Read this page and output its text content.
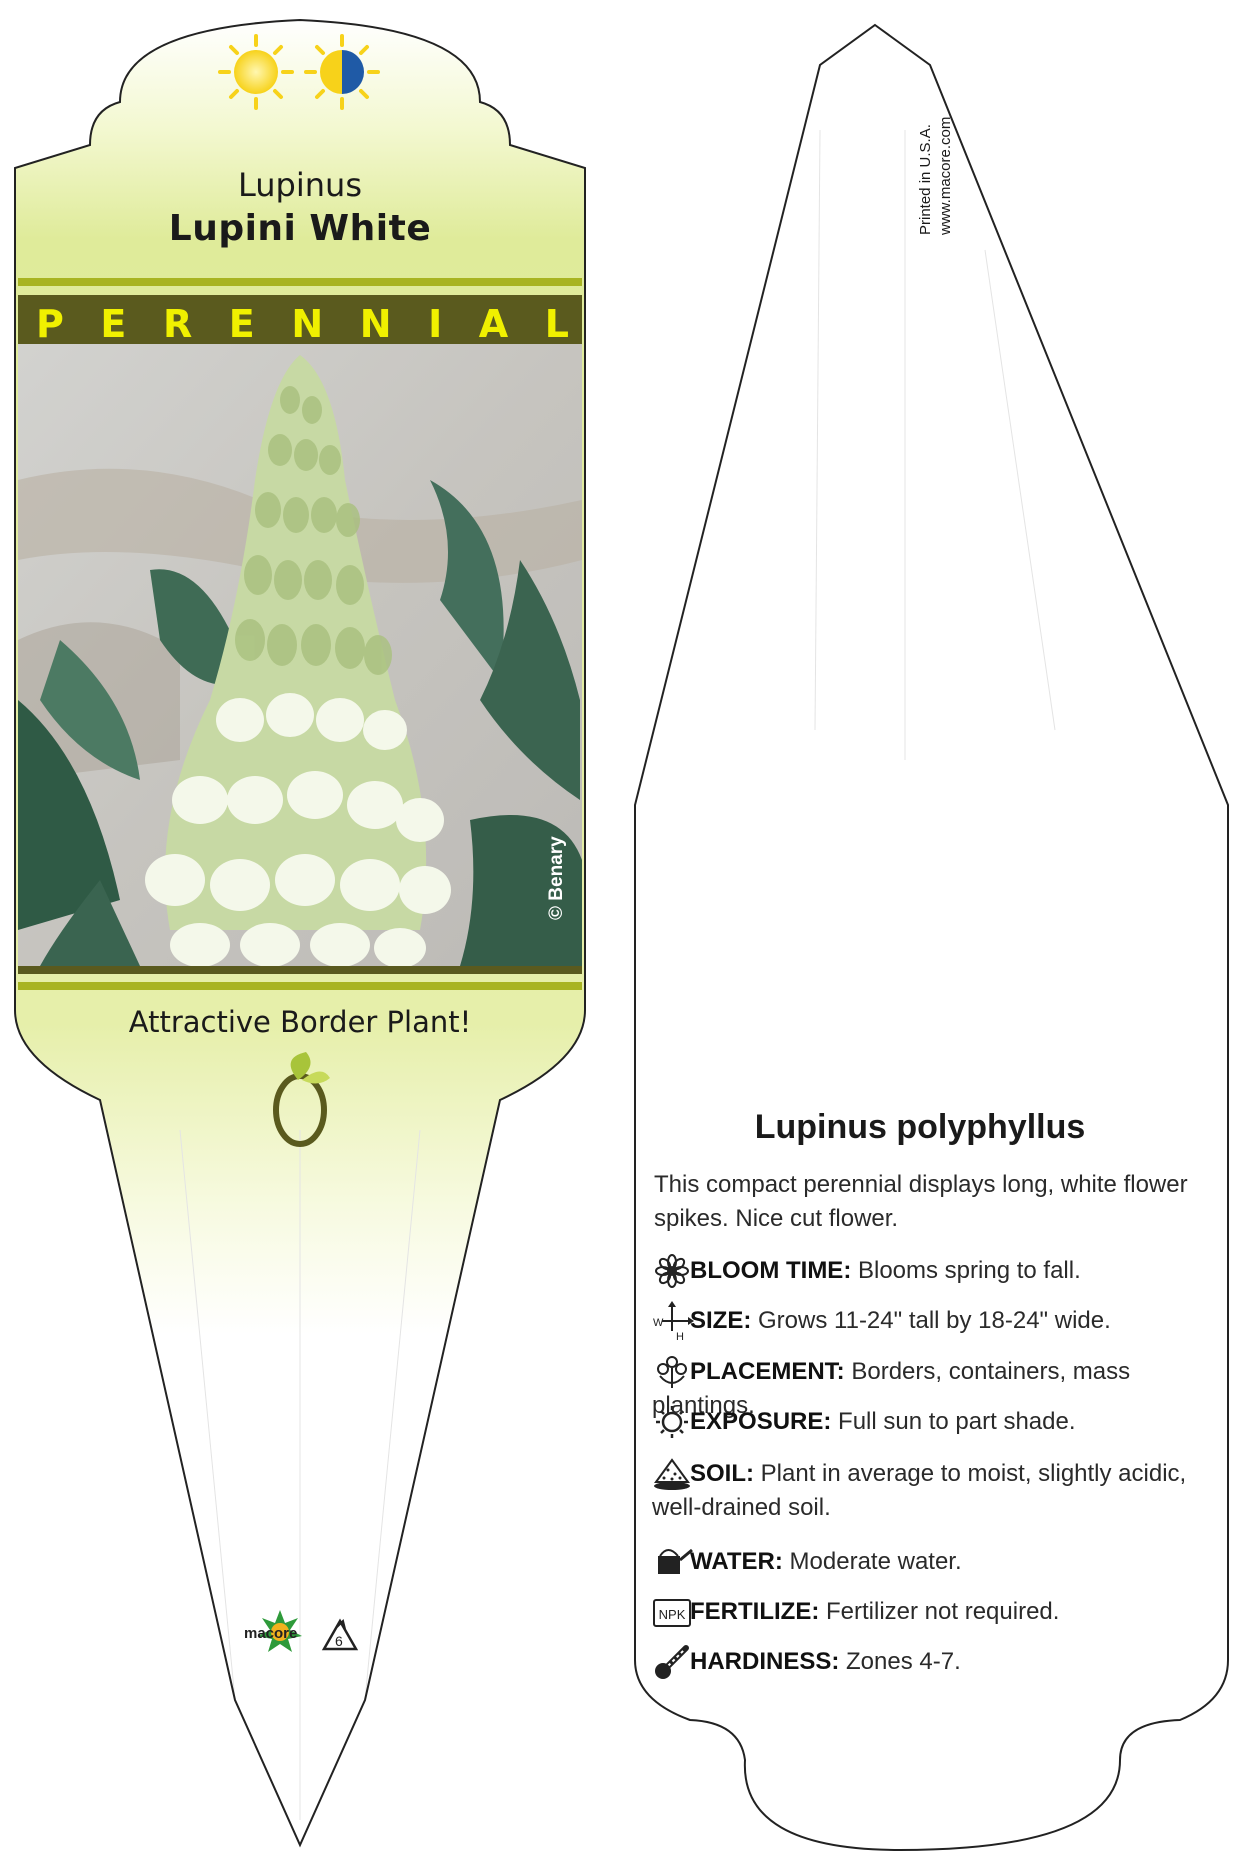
W
H
NPK
Lupinus
Lupini White
P E R E N N I A L
© Benary
Attractive Border Plant!
macore	6
Printed in U.S.A. www.macore.com
Lupinus polyphyllus
This compact perennial displays long, white flower spikes. Nice cut flower.
BLOOM TIME: Blooms spring to fall.
SIZE: Grows 11-24" tall by 18-24" wide.
PLACEMENT: Borders, containers, mass plantings.
EXPOSURE: Full sun to part shade.
SOIL: Plant in average to moist, slightly acidic, well-drained soil.
WATER: Moderate water.
FERTILIZE: Fertilizer not required.
HARDINESS: Zones 4-7.
